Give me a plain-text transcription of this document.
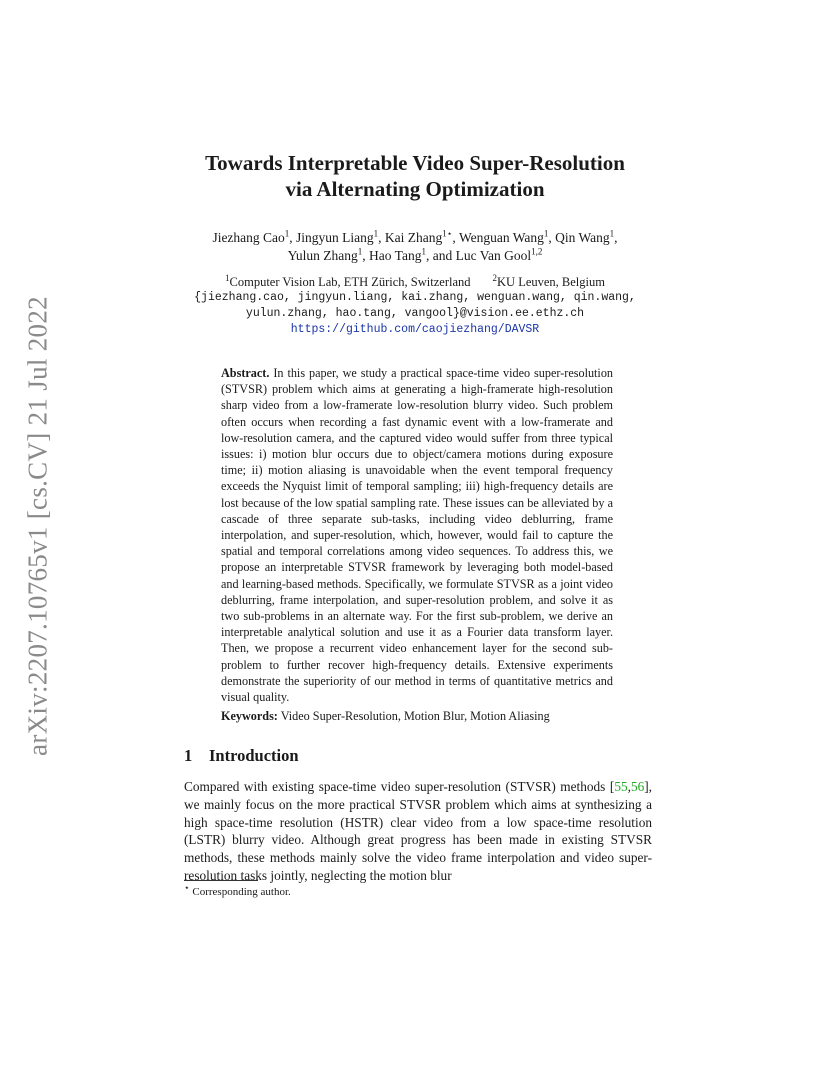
arXiv:2207.10765v1 [cs.CV] 21 Jul 2022
Towards Interpretable Video Super-Resolution
via Alternating Optimization
Jiezhang Cao$^1$, Jingyun Liang$^1$, Kai Zhang$^{1⋆}$, Wenguan Wang$^1$, Qin Wang$^1$,
Yulun Zhang$^1$, Hao Tang$^1$, and Luc Van Gool$^{1,2}$
$^1$Computer Vision Lab, ETH Zürich, Switzerland $^2$KU Leuven, Belgium
{jiezhang.cao, jingyun.liang, kai.zhang, wenguan.wang, qin.wang,
yulun.zhang, hao.tang, vangool}@vision.ee.ethz.ch
https://github.com/caojiezhang/DAVSR
Abstract. In this paper, we study a practical space-time video super-resolution (STVSR) problem which aims at generating a high-framerate high-resolution sharp video from a low-framerate low-resolution blurry video. Such problem often occurs when recording a fast dynamic event with a low-framerate and low-resolution camera, and the captured video would suffer from three typical issues: i) motion blur occurs due to object/camera motions during exposure time; ii) motion aliasing is unavoidable when the event temporal frequency exceeds the Nyquist limit of temporal sampling; iii) high-frequency details are lost because of the low spatial sampling rate. These issues can be alleviated by a cascade of three separate sub-tasks, including video deblurring, frame interpolation, and super-resolution, which, however, would fail to capture the spatial and temporal correlations among video sequences. To address this, we propose an interpretable STVSR framework by leveraging both model-based and learning-based methods. Specifically, we formulate STVSR as a joint video deblurring, frame interpolation, and super-resolution problem, and solve it as two sub-problems in an alternate way. For the first sub-problem, we derive an interpretable analytical solution and use it as a Fourier data transform layer. Then, we propose a recurrent video enhancement layer for the second sub-problem to further recover high-frequency details. Extensive experiments demonstrate the superiority of our method in terms of quantitative metrics and visual quality.
Keywords: Video Super-Resolution, Motion Blur, Motion Aliasing
1 Introduction
Compared with existing space-time video super-resolution (STVSR) methods [55,56], we mainly focus on the more practical STVSR problem which aims at synthesizing a high space-time resolution (HSTR) clear video from a low space-time resolution (LSTR) blurry video. Although great progress has been made in existing STVSR methods, these methods mainly solve the video frame interpolation and video super-resolution tasks jointly, neglecting the motion blur
⋆ Corresponding author.
